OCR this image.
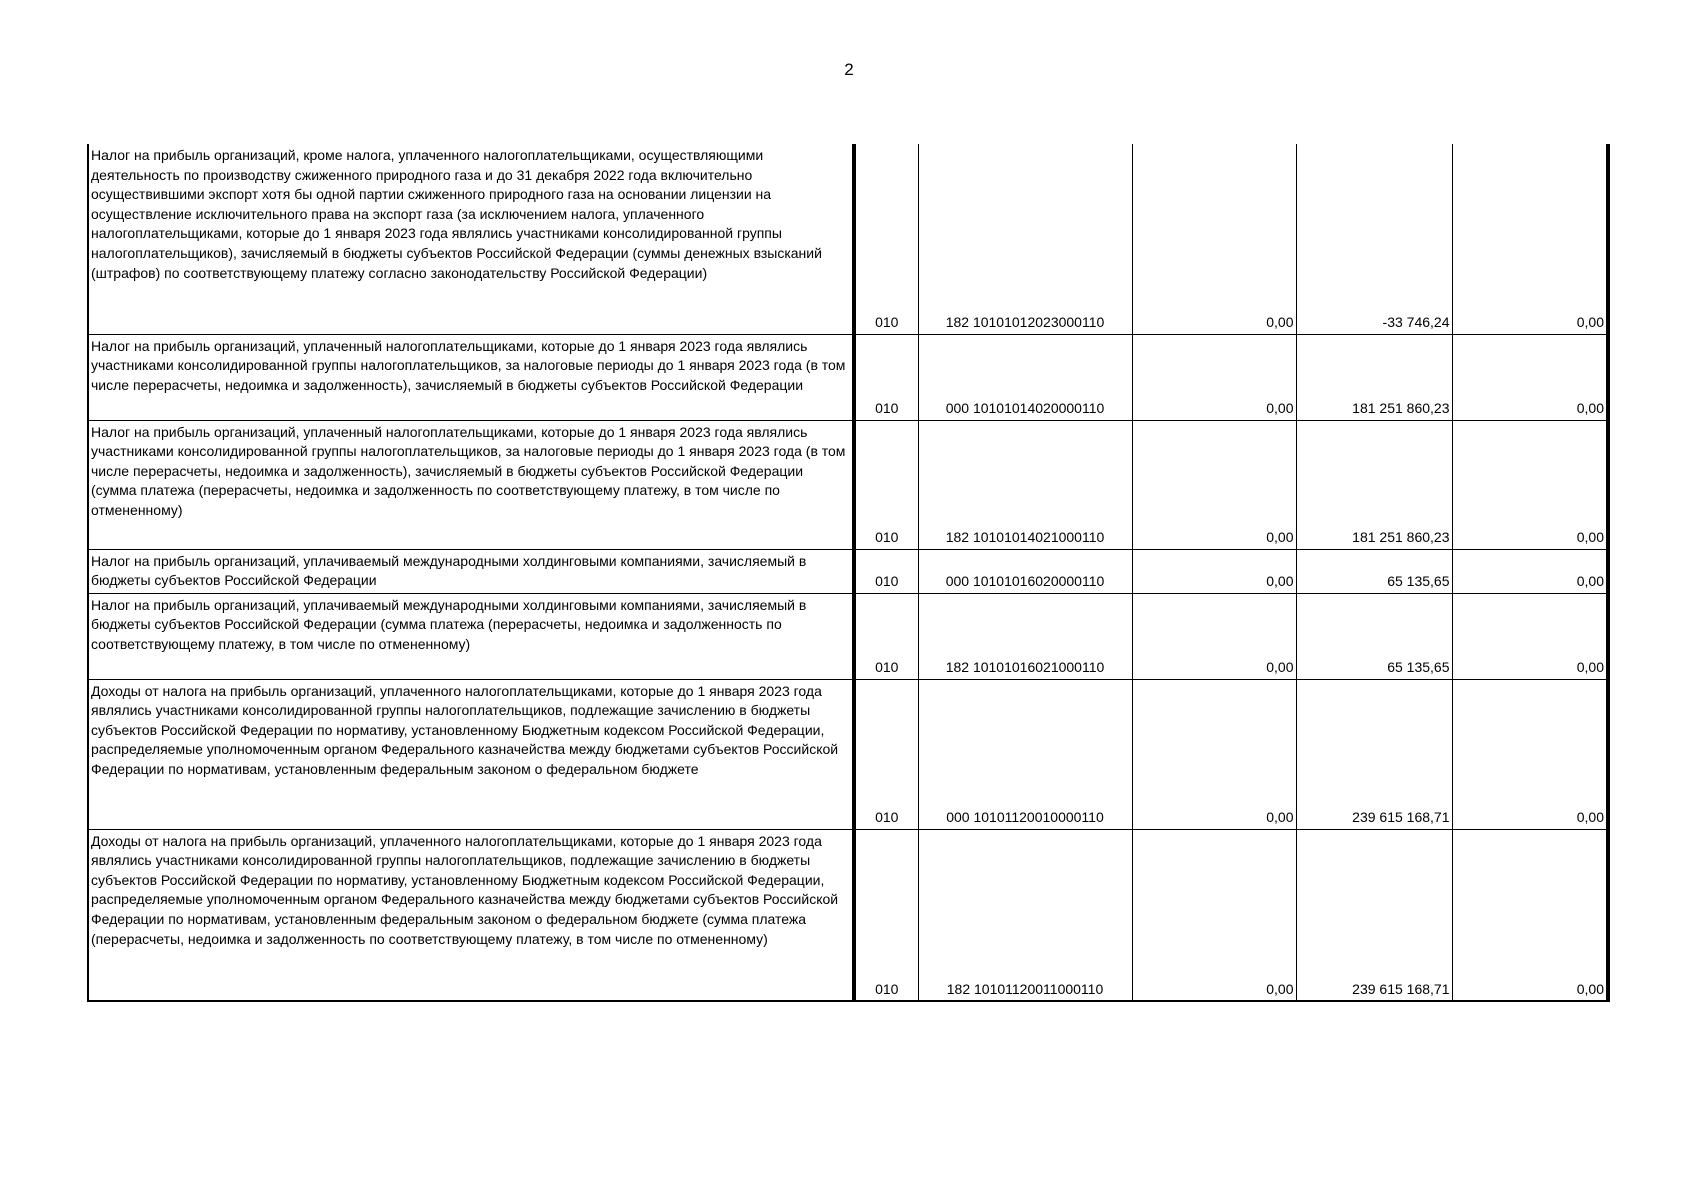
2
Налог на прибыль организаций, кроме налога, уплаченного налогоплательщиками, осуществляющими деятельность по производству сжиженного природного газа и до 31 декабря 2022 года включительно осуществившими экспорт хотя бы одной партии сжиженного природного газа на основании лицензии на осуществление исключительного права на экспорт газа (за исключением налога, уплаченного налогоплательщиками, которые до 1 января 2023 года являлись участниками консолидированной группы налогоплательщиков), зачисляемый в бюджеты субъектов Российской Федерации (суммы денежных взысканий (штрафов) по соответствующему платежу согласно законодательству Российской Федерации)	010	182 10101012023000110	0,00	-33 746,24	0,00
Налог на прибыль организаций, уплаченный налогоплательщиками, которые до 1 января 2023 года являлись участниками консолидированной группы налогоплательщиков, за налоговые периоды до 1 января 2023 года (в том числе перерасчеты, недоимка и задолженность), зачисляемый в бюджеты субъектов Российской Федерации	010	000 10101014020000110	0,00	181 251 860,23	0,00
Налог на прибыль организаций, уплаченный налогоплательщиками, которые до 1 января 2023 года являлись участниками консолидированной группы налогоплательщиков, за налоговые периоды до 1 января 2023 года (в том числе перерасчеты, недоимка и задолженность), зачисляемый в бюджеты субъектов Российской Федерации (сумма платежа (перерасчеты, недоимка и задолженность по соответствующему платежу, в том числе по отмененному)	010	182 10101014021000110	0,00	181 251 860,23	0,00
Налог на прибыль организаций, уплачиваемый международными холдинговыми компаниями, зачисляемый в бюджеты субъектов Российской Федерации	010	000 10101016020000110	0,00	65 135,65	0,00
Налог на прибыль организаций, уплачиваемый международными холдинговыми компаниями, зачисляемый в бюджеты субъектов Российской Федерации (сумма платежа (перерасчеты, недоимка и задолженность по соответствующему платежу, в том числе по отмененному)	010	182 10101016021000110	0,00	65 135,65	0,00
Доходы от налога на прибыль организаций, уплаченного налогоплательщиками, которые до 1 января 2023 года являлись участниками консолидированной группы налогоплательщиков, подлежащие зачислению в бюджеты субъектов Российской Федерации по нормативу, установленному Бюджетным кодексом Российской Федерации, распределяемые уполномоченным органом Федерального казначейства между бюджетами субъектов Российской Федерации по нормативам, установленным федеральным законом о федеральном бюджете	010	000 10101120010000110	0,00	239 615 168,71	0,00
Доходы от налога на прибыль организаций, уплаченного налогоплательщиками, которые до 1 января 2023 года являлись участниками консолидированной группы налогоплательщиков, подлежащие зачислению в бюджеты субъектов Российской Федерации по нормативу, установленному Бюджетным кодексом Российской Федерации, распределяемые уполномоченным органом Федерального казначейства между бюджетами субъектов Российской Федерации по нормативам, установленным федеральным законом о федеральном бюджете (сумма платежа (перерасчеты, недоимка и задолженность по соответствующему платежу, в том числе по отмененному)	010	182 10101120011000110	0,00	239 615 168,71	0,00
